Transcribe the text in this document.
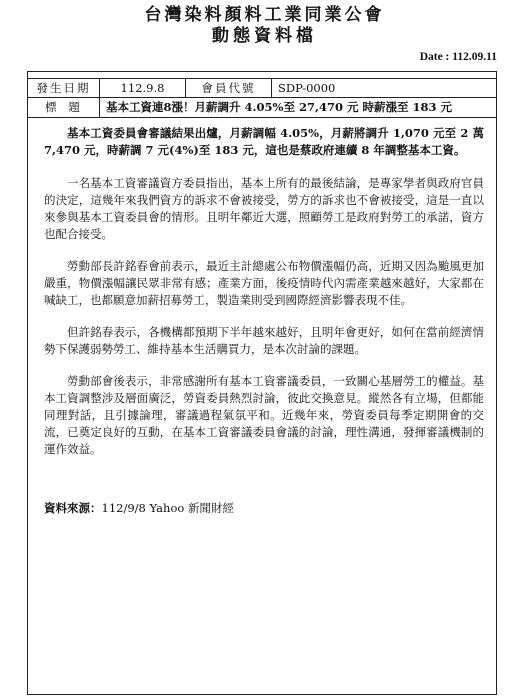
台灣染料顏料工業同業公會
動態資料檔
Date : 112.09.11
發生日期	112.9.8	會員代號	SDP-0000
標題	基本工資連8漲！月薪調升 4.05%至 27,470 元 時薪漲至 183 元

基本工資委員會審議結果出爐，月薪調幅 4.05%，月薪將調升 1,070 元至 2 萬 7,470 元，時薪調 7 元(4%)至 183 元，這也是蔡政府連續 8 年調整基本工資。

一名基本工資審議資方委員指出，基本上所有的最後結論，是專家學者與政府官員的決定，這幾年來我們資方的訴求不會被接受，勞方的訴求也不會被接受，這是一直以來參與基本工資委員會的情形。且明年鄰近大選，照顧勞工是政府對勞工的承諾，資方也配合接受。

勞動部長許銘春會前表示，最近主計總處公布物價漲幅仍高，近期又因為颱風更加嚴重，物價漲幅讓民眾非常有感；產業方面，後疫情時代內需產業越來越好，大家都在喊缺工，也都願意加薪招募勞工，製造業則受到國際經濟影響表現不佳。

但許銘春表示，各機構都預期下半年越來越好，且明年會更好，如何在當前經濟情勢下保護弱勢勞工、維持基本生活購買力，是本次討論的課題。

勞動部會後表示，非常感謝所有基本工資審議委員，一致關心基層勞工的權益。基本工資調整涉及層面廣泛，勞資委員熱烈討論，彼此交換意見。縱然各有立場，但都能同理對話，且引據論理，審議過程氣氛平和。近幾年來，勞資委員每季定期開會的交流，已奠定良好的互動，在基本工資審議委員會議的討論，理性溝通，發揮審議機制的運作效益。

資料來源：112/9/8 Yahoo 新聞財經
